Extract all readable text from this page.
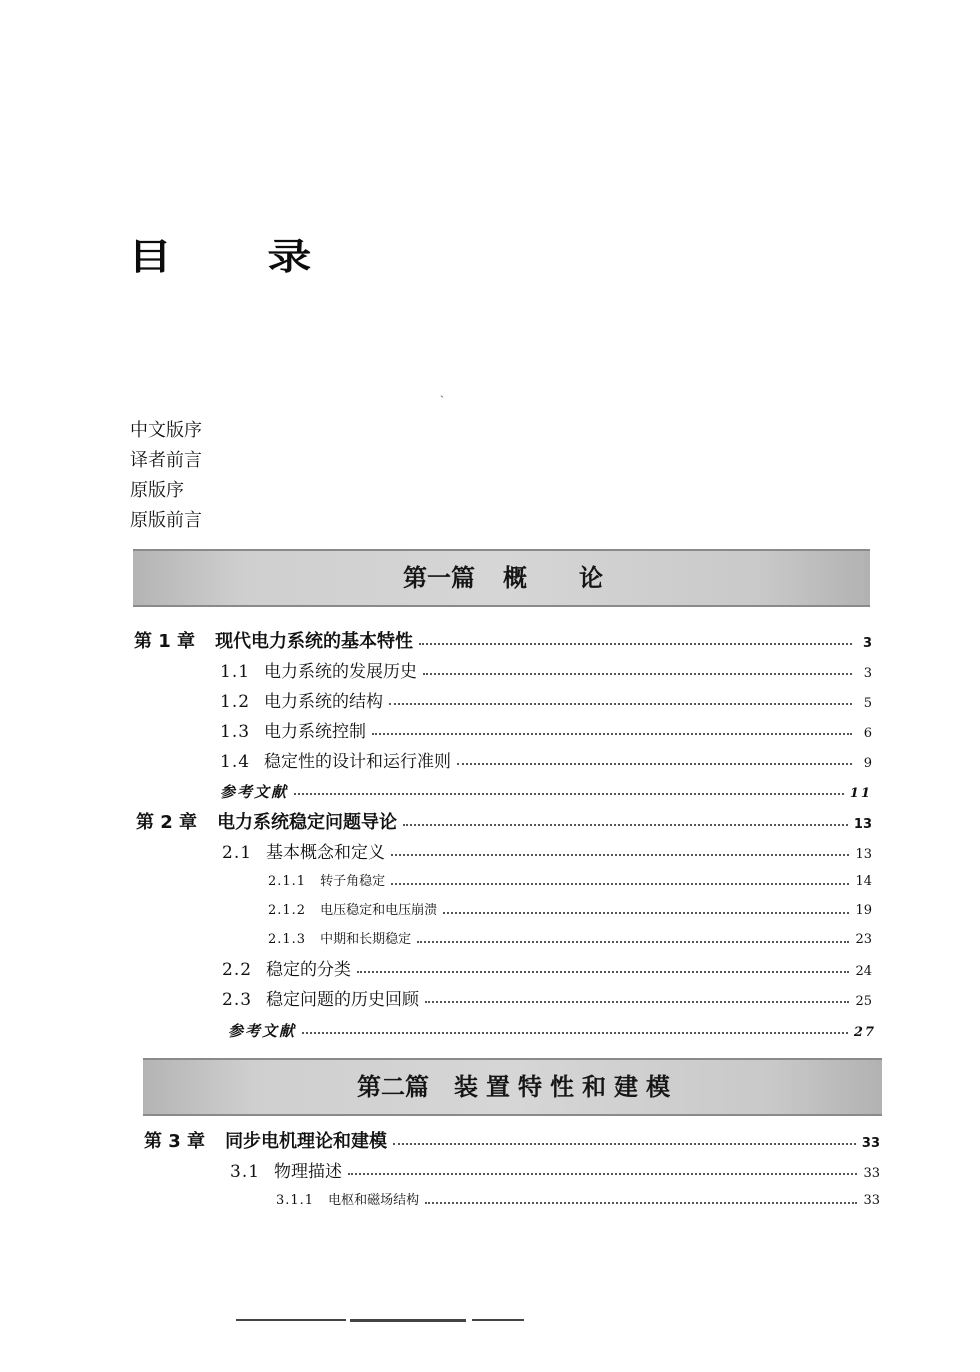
目 录
ˏ
中文版序
译者前言
原版序
原版前言
第一篇 概 论
第二篇 装 置 特 性 和 建 模
第 1 章 现代电力系统的基本特性	3
1.1 电力系统的发展历史	3
1.2 电力系统的结构	5
1.3 电力系统控制	6
1.4 稳定性的设计和运行准则	9
参考文献	11
第 2 章 电力系统稳定问题导论	13
2.1 基本概念和定义	13
2.1.1 转子角稳定	14
2.1.2 电压稳定和电压崩溃	19
2.1.3 中期和长期稳定	23
2.2 稳定的分类	24
2.3 稳定问题的历史回顾	25
参考文献	27
第 3 章 同步电机理论和建模	33
3.1 物理描述	33
3.1.1 电枢和磁场结构	33
